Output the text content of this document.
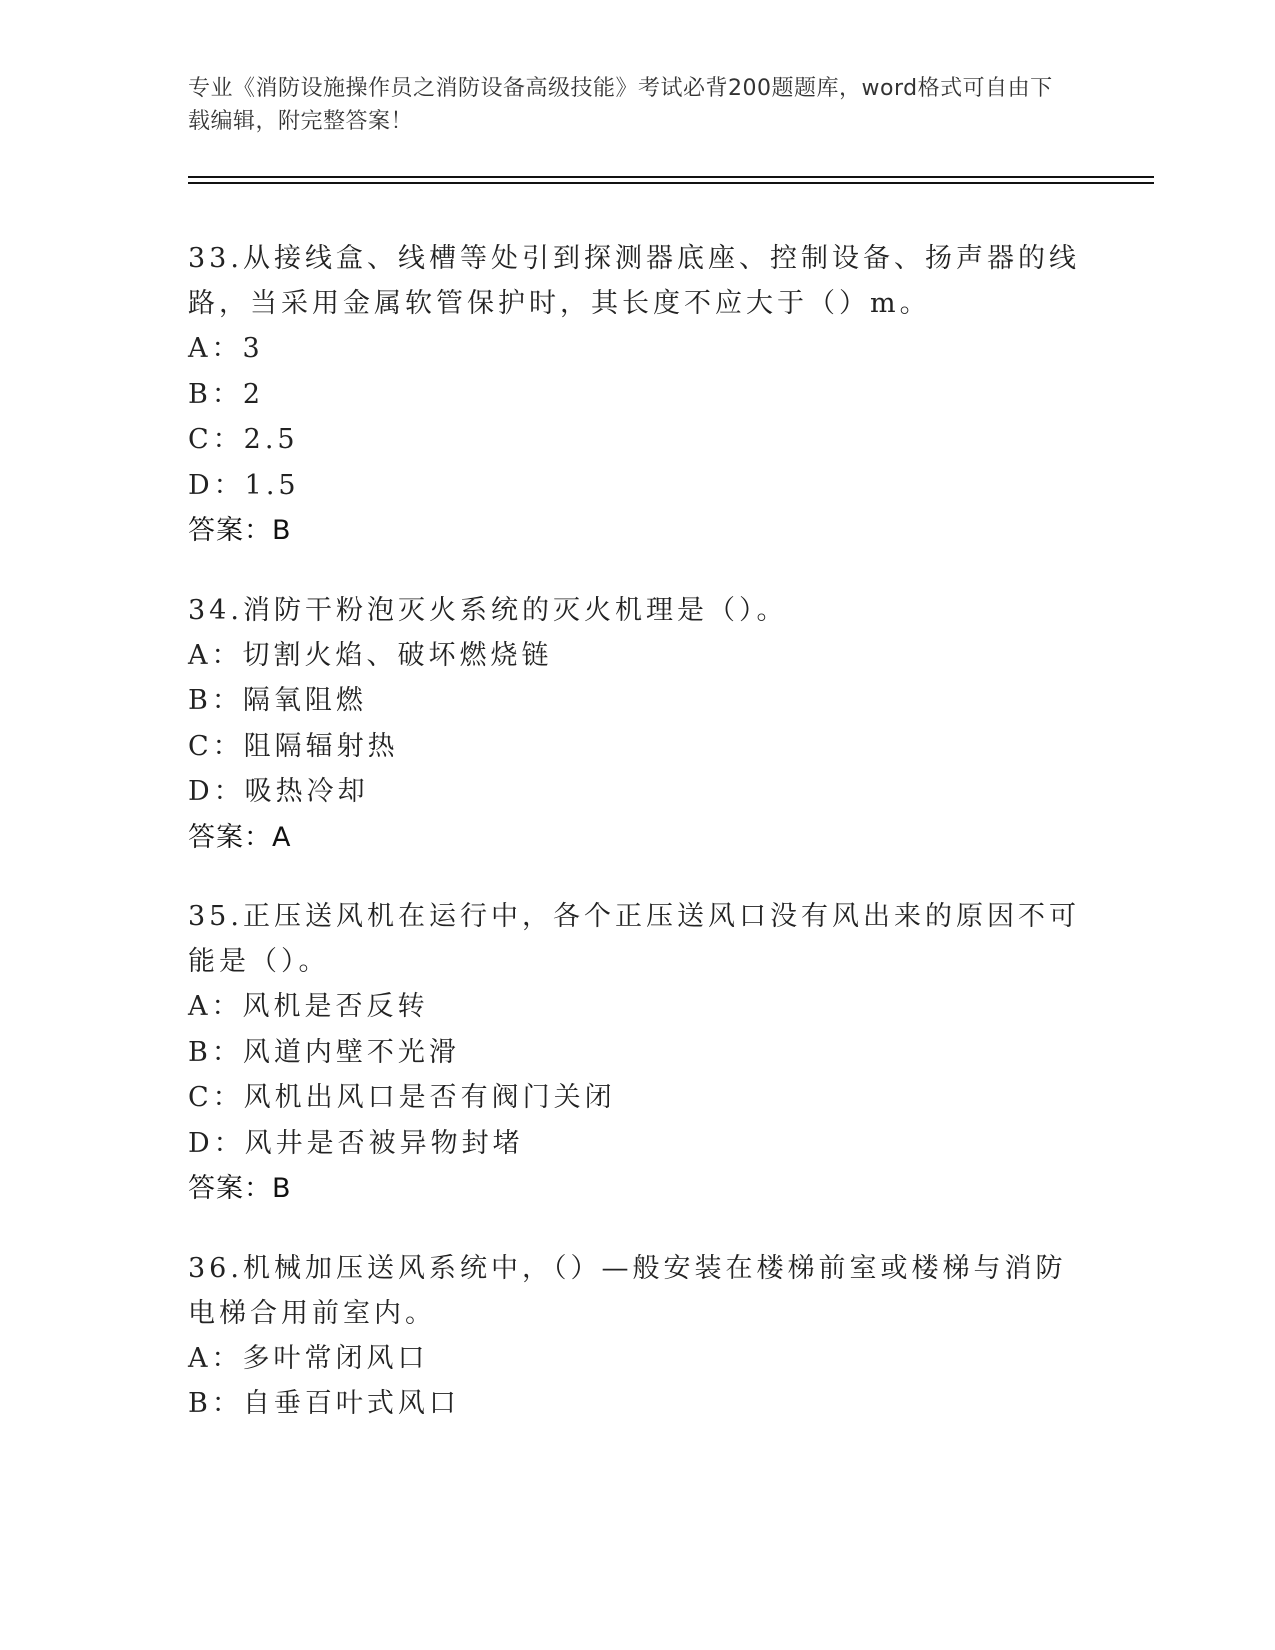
专业《消防设施操作员之消防设备高级技能》考试必背200题题库，word格式可自由下载编辑，附完整答案！

33.从接线盒、线槽等处引到探测器底座、控制设备、扬声器的线路，当采用金属软管保护时，其长度不应大于（）m。

A：3

B：2

C：2.5

D：1.5

答案：B

34.消防干粉泡灭火系统的灭火机理是（）。

A：切割火焰、破坏燃烧链

B：隔氧阻燃

C：阻隔辐射热

D：吸热冷却

答案：A

35.正压送风机在运行中，各个正压送风口没有风出来的原因不可能是（）。

A：风机是否反转

B：风道内壁不光滑

C：风机出风口是否有阀门关闭

D：风井是否被异物封堵

答案：B

36.机械加压送风系统中，（）—般安装在楼梯前室或楼梯与消防电梯合用前室内。

A：多叶常闭风口

B：自垂百叶式风口
